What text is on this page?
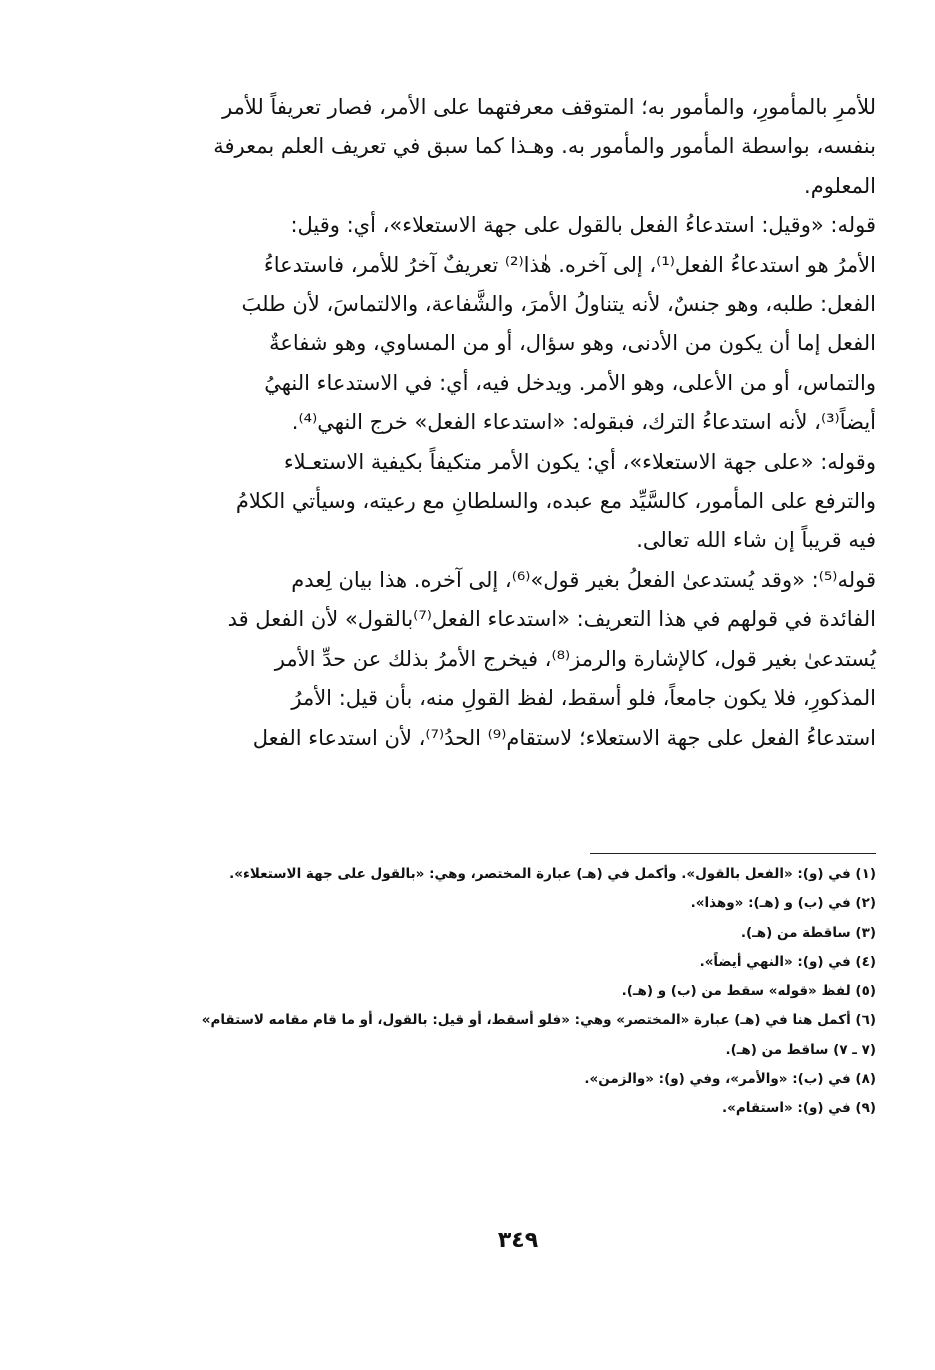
للأمرِ بالمأمورِ، والمأمور به؛ المتوقف معرفتهما على الأمر، فصار تعريفاً للأمر
بنفسه، بواسطة المأمور والمأمور به. وهـذا كما سبق في تعريف العلم بمعرفة
المعلوم.

قوله: «وقيل: استدعاءُ الفعل بالقول على جهة الاستعلاء»، أي: وقيل:
الأمرُ هو استدعاءُ الفعل⁽¹⁾، إلى آخره. هٰذا⁽²⁾ تعريفٌ آخرُ للأمر، فاستدعاءُ
الفعل: طلبه، وهو جنسٌ، لأنه يتناولُ الأمرَ، والشَّفاعة، والالتماسَ، لأن طلبَ
الفعل إما أن يكون من الأدنى، وهو سؤال، أو من المساوي، وهو شفاعةٌ
والتماس، أو من الأعلى، وهو الأمر. ويدخل فيه، أي: في الاستدعاء النهيُ
أيضاً⁽³⁾، لأنه استدعاءُ الترك، فبقوله: «استدعاء الفعل» خرج النهي⁽⁴⁾.

وقوله: «على جهة الاستعلاء»، أي: يكون الأمر متكيفاً بكيفية الاستعـلاء
والترفع على المأمور، كالسَّيِّد مع عبده، والسلطانِ مع رعيته، وسيأتي الكلامُ
فيه قريباً إن شاء الله تعالى.

قوله⁽⁵⁾: «وقد يُستدعىٰ الفعلُ بغير قول»⁽⁶⁾، إلى آخره. هذا بيان لِعدم
الفائدة في قولهم في هذا التعريف: «استدعاء الفعل⁽⁷⁾بالقول» لأن الفعل قد
يُستدعىٰ بغير قول، كالإشارة والرمز⁽⁸⁾، فيخرج الأمرُ بذلك عن حدِّ الأمر
المذكورِ، فلا يكون جامعاً، فلو أسقط، لفظ القولِ منه، بأن قيل: الأمرُ
استدعاءُ الفعل على جهة الاستعلاء؛ لاستقام⁽⁹⁾ الحدُ⁽⁷⁾، لأن استدعاء الفعل

(١) في (و): «الفعل بالقول». وأكمل في (هـ) عبارة المختصر، وهي: «بالقول على جهة الاستعلاء».
(٢) في (ب) و (هـ): «وهذا».
(٣) ساقطة من (هـ).
(٤) في (و): «النهي أيضاً».
(٥) لفظ «قوله» سقط من (ب) و (هـ).
(٦) أكمل هنا في (هـ) عبارة «المختصر» وهي: «فلو أسقط، أو قيل: بالقول، أو ما قام مقامه لاستقام»
(٧ ـ ٧) ساقط من (هـ).
(٨) في (ب): «والأمر»، وفي (و): «والزمن».
(٩) في (و): «استقام».
٣٤٩
